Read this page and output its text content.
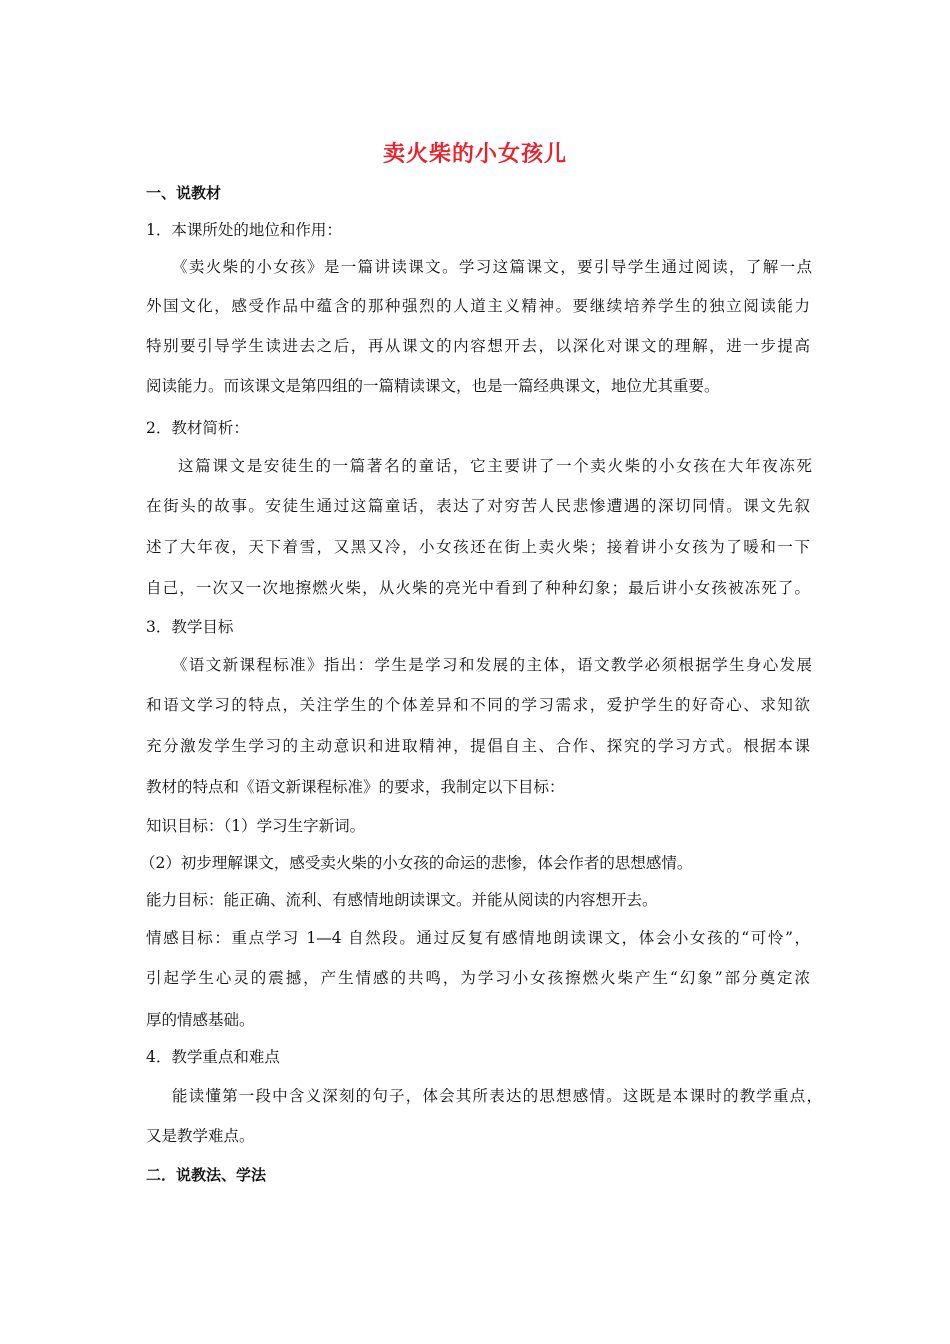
卖火柴的小女孩儿
一、说教材
1．本课所处的地位和作用：
《卖火柴的小女孩》是一篇讲读课文。学习这篇课文，要引导学生通过阅读，了解一点
外国文化，感受作品中蕴含的那种强烈的人道主义精神。要继续培养学生的独立阅读能力
特别要引导学生读进去之后，再从课文的内容想开去，以深化对课文的理解，进一步提高
阅读能力。而该课文是第四组的一篇精读课文，也是一篇经典课文，地位尤其重要。
2．教材简析：
这篇课文是安徒生的一篇著名的童话，它主要讲了一个卖火柴的小女孩在大年夜冻死
在街头的故事。安徒生通过这篇童话，表达了对穷苦人民悲惨遭遇的深切同情。课文先叙
述了大年夜，天下着雪，又黑又冷，小女孩还在街上卖火柴；接着讲小女孩为了暖和一下
自己，一次又一次地擦燃火柴，从火柴的亮光中看到了种种幻象；最后讲小女孩被冻死了。
3．教学目标
《语文新课程标准》指出：学生是学习和发展的主体，语文教学必须根据学生身心发展
和语文学习的特点，关注学生的个体差异和不同的学习需求，爱护学生的好奇心、求知欲
充分激发学生学习的主动意识和进取精神，提倡自主、合作、探究的学习方式。根据本课
教材的特点和《语文新课程标准》的要求，我制定以下目标：
知识目标：（1）学习生字新词。
（2）初步理解课文，感受卖火柴的小女孩的命运的悲惨，体会作者的思想感情。
能力目标：能正确、流利、有感情地朗读课文。并能从阅读的内容想开去。
情感目标：重点学习 1—4 自然段。通过反复有感情地朗读课文，体会小女孩的“可怜”，
引起学生心灵的震撼，产生情感的共鸣，为学习小女孩擦燃火柴产生“幻象”部分奠定浓
厚的情感基础。
4．教学重点和难点
能读懂第一段中含义深刻的句子，体会其所表达的思想感情。这既是本课时的教学重点，
又是教学难点。
二．说教法、学法
